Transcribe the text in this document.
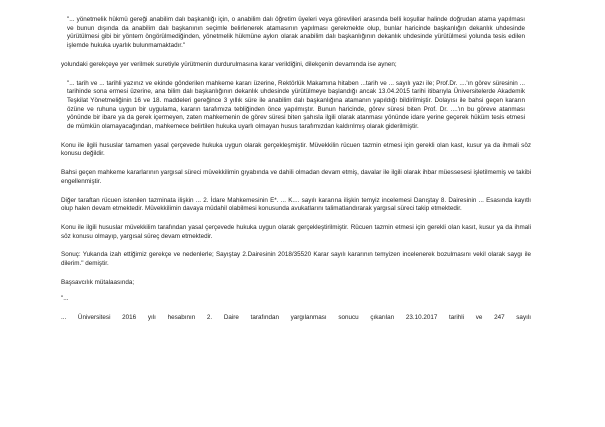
"... yönetmelik hükmü gereği anabilim dalı başkanlığı için, o anabilim dalı öğretim üyeleri veya görevlileri arasında belli koşullar halinde doğrudan atama yapılması ve bunun dışında da anabilim dalı başkanının seçimle belirlenerek atamasının yapılması gerekmekte olup, bunlar haricinde başkanlığın dekanlık uhdesinde yürütülmesi gibi bir yöntem öngörülmediğinden, yönetmelik hükmüne aykırı olarak anabilim dalı başkanlığının dekanlık uhdesinde yürütülmesi yolunda tesis edilen işlemde hukuka uyarlık bulunmamaktadır."

yolundaki gerekçeye yer verilmek suretiyle yürütmenin durdurulmasına karar verildiğini, dilekçenin devamında ise aynen;

"... tarih ve ... tarihli yazınız ve ekinde gönderilen mahkeme kararı üzerine, Rektörlük Makamına hitaben ...tarih ve ... sayılı yazı ile; Prof.Dr. ....'ın görev süresinin ... tarihinde sona ermesi üzerine, ana bilim dalı başkanlığının dekanlık uhdesinde yürütülmeye başlandığı ancak 13.04.2015 tarihi itibarıyla Üniversitelerde Akademik Teşkilat Yönetmeliğinin 16 ve 18. maddeleri gereğince 3 yıllık süre ile anabilim dalı başkanlığına atamanın yapıldığı bildirilmiştir. Dolayısı ile bahsi geçen kararın özüne ve ruhuna uygun bir uygulama, kararın tarafımıza tebliğinden önce yapılmıştır. Bunun haricinde, görev süresi biten Prof. Dr. ....'ın bu göreve atanması yönünde bir ibare ya da gerek içermeyen, zaten mahkemenin de görev süresi biten şahısla ilgili olarak atanması yönünde idare yerine geçerek hüküm tesis etmesi de mümkün olamayacağından, mahkemece belirtilen hukuka uyarlı olmayan husus tarafımızdan kaldırılmış olarak giderilmiştir.

Konu ile ilgili hususlar tamamen yasal çerçevede hukuka uygun olarak gerçekleşmiştir. Müvekkilin rücuen tazmin etmesi için gerekli olan kast, kusur ya da ihmali söz konusu değildir.

Bahsi geçen mahkeme kararlarının yargısal süreci müvekkilimin gıyabında ve dahili olmadan devam etmiş, davalar ile ilgili olarak ihbar müessesesi işletilmemiş ve takibi engellenmiştir.

Diğer taraftan rücuen istenilen tazminata ilişkin ... 2. İdare Mahkemesinin E*. ... K.... sayılı kararına ilişkin temyiz incelemesi Danıştay 8. Dairesinin ... Esasında kayıtlı olup halen devam etmektedir. Müvekkilimin davaya müdahil olabilmesi konusunda avukatlarını talimatlandırarak yargısal süreci takip etmektedir.

Konu ile ilgili hususlar müvekkilim tarafından yasal çerçevede hukuka uygun olarak gerçekleştirilmiştir. Rücuen tazmin etmesi için gerekli olan kasıt, kusur ya da ihmali söz konusu olmayıp, yargısal süreç devam etmektedir.

Sonuç: Yukarıda izah ettiğimiz gerekçe ve nedenlerle; Sayıştay 2.Dairesinin 2018/35520 Karar sayılı kararının temyizen incelenerek bozulmasını vekil olarak saygı ile dilerim." demiştir.

Başsavcılık mütalaasında;

"...

... Üniversitesi 2016 yılı hesabının 2. Daire tarafından yargılanması sonucu çıkarılan 23.10.2017 tarihli ve 247 sayılı
